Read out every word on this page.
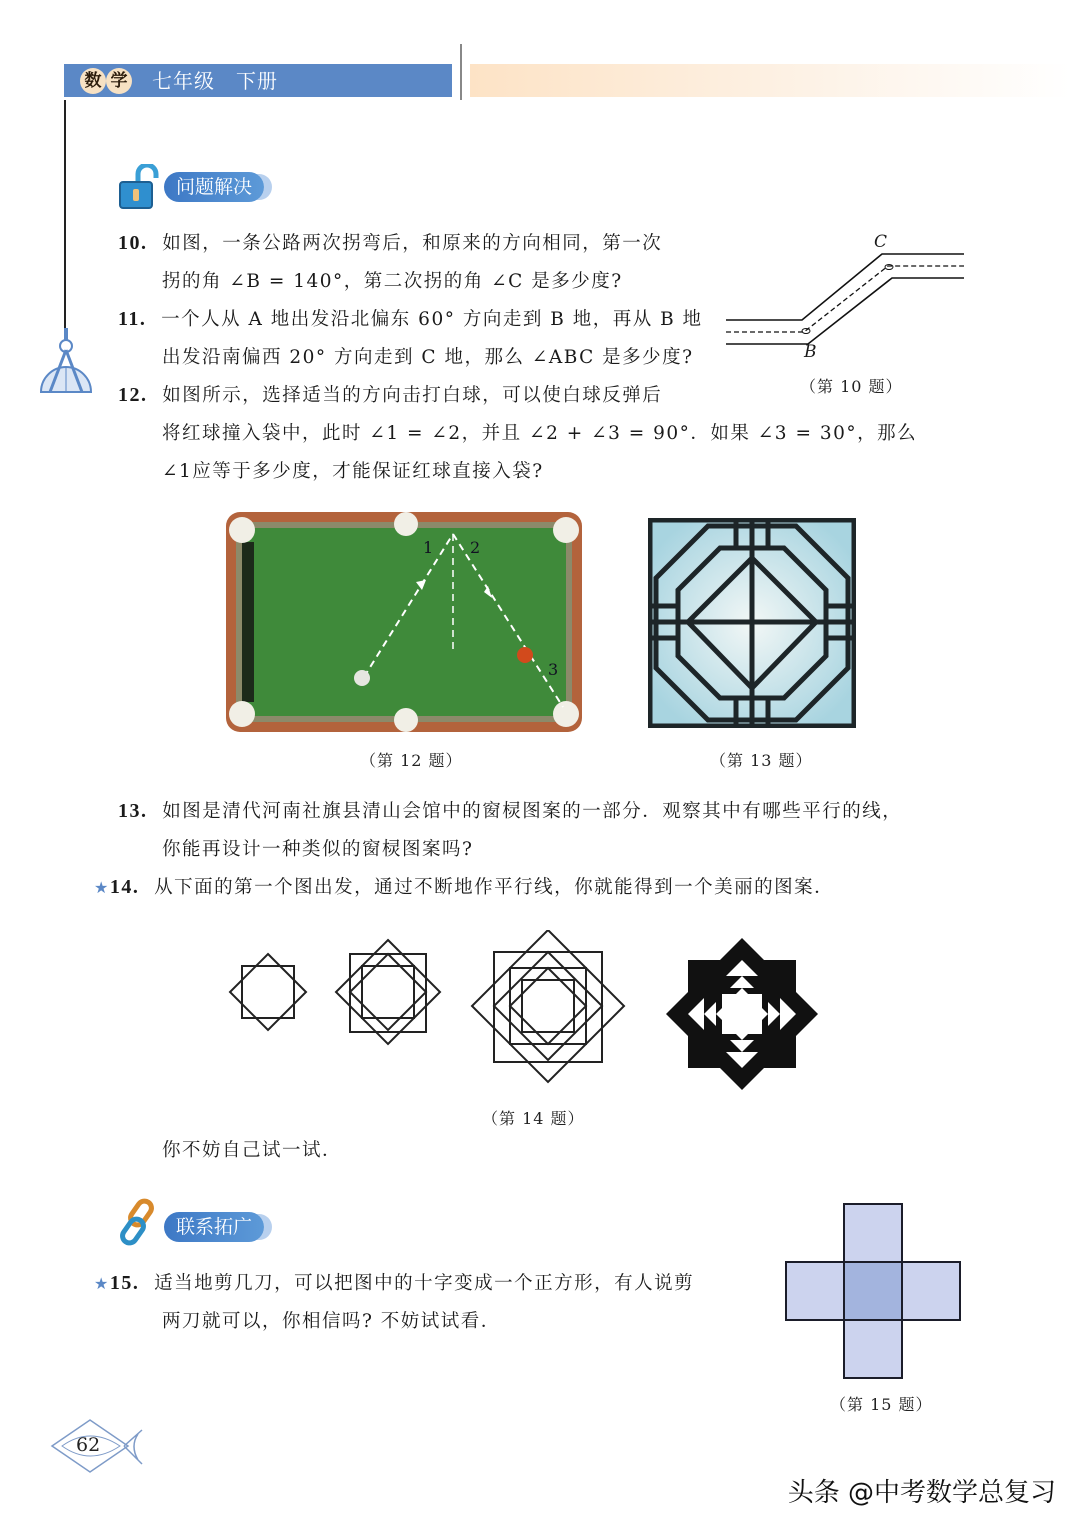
数 学 七年级　下册
问题解决
10. 如图，一条公路两次拐弯后，和原来的方向相同，第一次
拐的角 ∠B = 140°，第二次拐的角 ∠C 是多少度?
11. 一个人从 A 地出发沿北偏东 60° 方向走到 B 地，再从 B 地
出发沿南偏西 20° 方向走到 C 地，那么 ∠ABC 是多少度?	B
C
（第 10 题）
12. 如图所示，选择适当的方向击打白球，可以使白球反弹后
将红球撞入袋中，此时 ∠1 = ∠2，并且 ∠2 + ∠3 = 90°．如果 ∠3 = 30°，那么
∠1应等于多少度，才能保证红球直接入袋?
1 2
3
（第 12 题）	（第 13 题）
13. 如图是清代河南社旗县清山会馆中的窗棂图案的一部分．观察其中有哪些平行的线，
你能再设计一种类似的窗棂图案吗?
★14. 从下面的第一个图出发，通过不断地作平行线，你就能得到一个美丽的图案．
（第 14 题）
你不妨自己试一试．
联系拓广
★15. 适当地剪几刀，可以把图中的十字变成一个正方形，有人说剪
两刀就可以，你相信吗? 不妨试试看．
（第 15 题）
62
头条 @中考数学总复习
